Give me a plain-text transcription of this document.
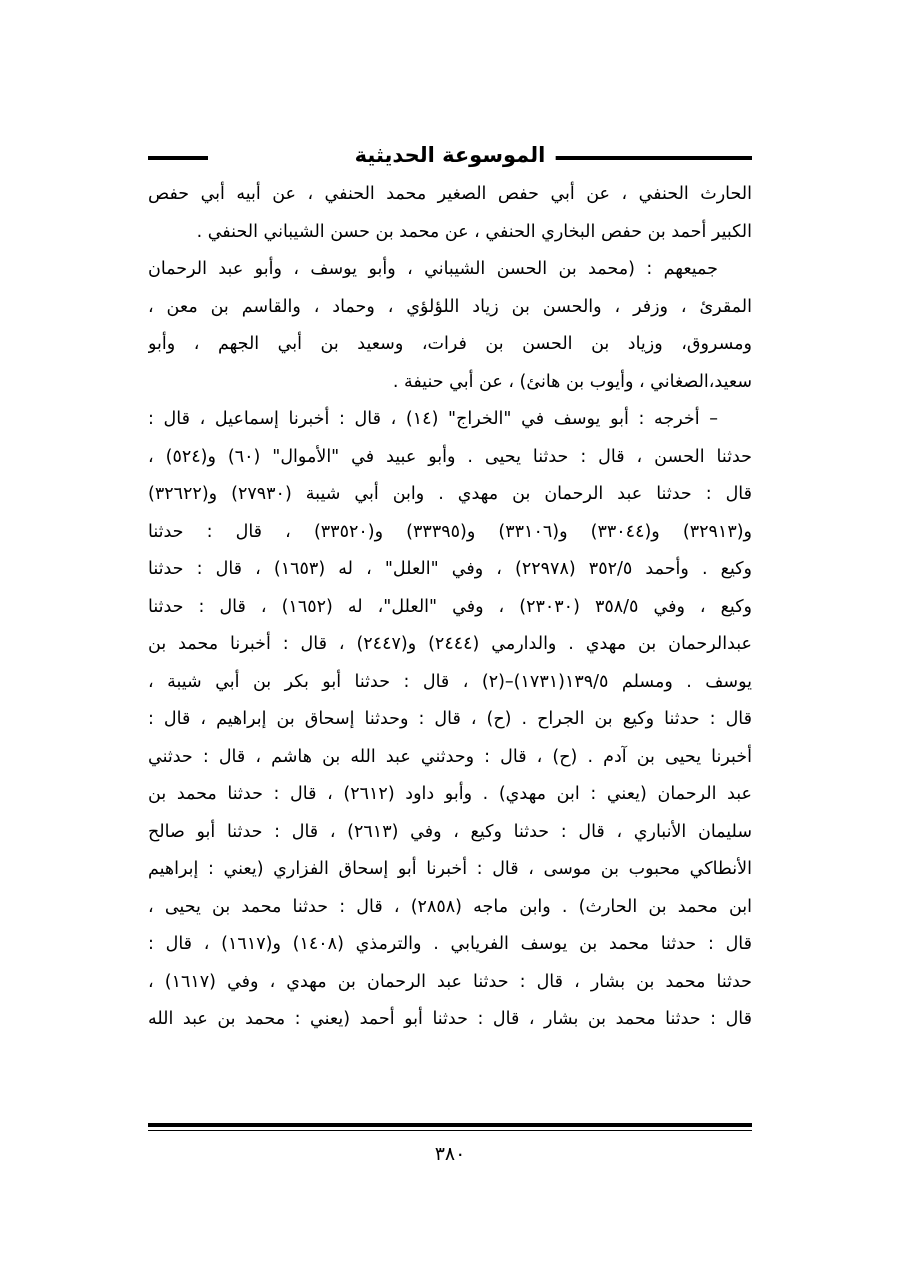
الموسوعة الحديثية
الحارث الحنفي ، عن أبي حفص الصغير محمد الحنفي ، عن أبيه أبي حفص
الكبير أحمد بن حفص البخاري الحنفي ، عن محمد بن حسن الشيباني الحنفي .
جميعهم : (محمد بن الحسن الشيباني ، وأبو يوسف ، وأبو عبد الرحمان
المقرئ ، وزفر ، والحسن بن زياد اللؤلؤي ، وحماد ، والقاسم بن معن ،
ومسروق، وزياد بن الحسن بن فرات، وسعيد بن أبي الجهم ، وأبو
سعيد،الصغاني ، وأيوب بن هانئ) ، عن أبي حنيفة .
– أخرجه : أبو يوسف في "الخراج" (١٤) ، قال : أخبرنا إسماعيل ، قال :
حدثنا الحسن ، قال : حدثنا يحيى . وأبو عبيد في "الأموال" (٦٠) و(٥٢٤) ،
قال : حدثنا عبد الرحمان بن مهدي . وابن أبي شيبة (٢٧٩٣٠) و(٣٢٦٢٢)
و(٣٢٩١٣) و(٣٣٠٤٤) و(٣٣١٠٦) و(٣٣٣٩٥) و(٣٣٥٢٠) ، قال : حدثنا
وكيع . وأحمد ٣٥٢/٥ (٢٢٩٧٨) ، وفي "العلل" ، له (١٦٥٣) ، قال : حدثنا
وكيع ، وفي ٣٥٨/٥ (٢٣٠٣٠) ، وفي "العلل"، له (١٦٥٢) ، قال : حدثنا
عبدالرحمان بن مهدي . والدارمي (٢٤٤٤) و(٢٤٤٧) ، قال : أخبرنا محمد بن
يوسف . ومسلم ١٣٩/٥(١٧٣١)–(٢) ، قال : حدثنا أبو بكر بن أبي شيبة ،
قال : حدثنا وكيع بن الجراح . (ح) ، قال : وحدثنا إسحاق بن إبراهيم ، قال :
أخبرنا يحيى بن آدم . (ح) ، قال : وحدثني عبد الله بن هاشم ، قال : حدثني
عبد الرحمان (يعني : ابن مهدي) . وأبو داود (٢٦١٢) ، قال : حدثنا محمد بن
سليمان الأنباري ، قال : حدثنا وكيع ، وفي (٢٦١٣) ، قال : حدثنا أبو صالح
الأنطاكي محبوب بن موسى ، قال : أخبرنا أبو إسحاق الفزاري (يعني : إبراهيم
ابن محمد بن الحارث) . وابن ماجه (٢٨٥٨) ، قال : حدثنا محمد بن يحيى ،
قال : حدثنا محمد بن يوسف الفريابي . والترمذي (١٤٠٨) و(١٦١٧) ، قال :
حدثنا محمد بن بشار ، قال : حدثنا عبد الرحمان بن مهدي ، وفي (١٦١٧) ،
قال : حدثنا محمد بن بشار ، قال : حدثنا أبو أحمد (يعني : محمد بن عبد الله
٣٨٠
